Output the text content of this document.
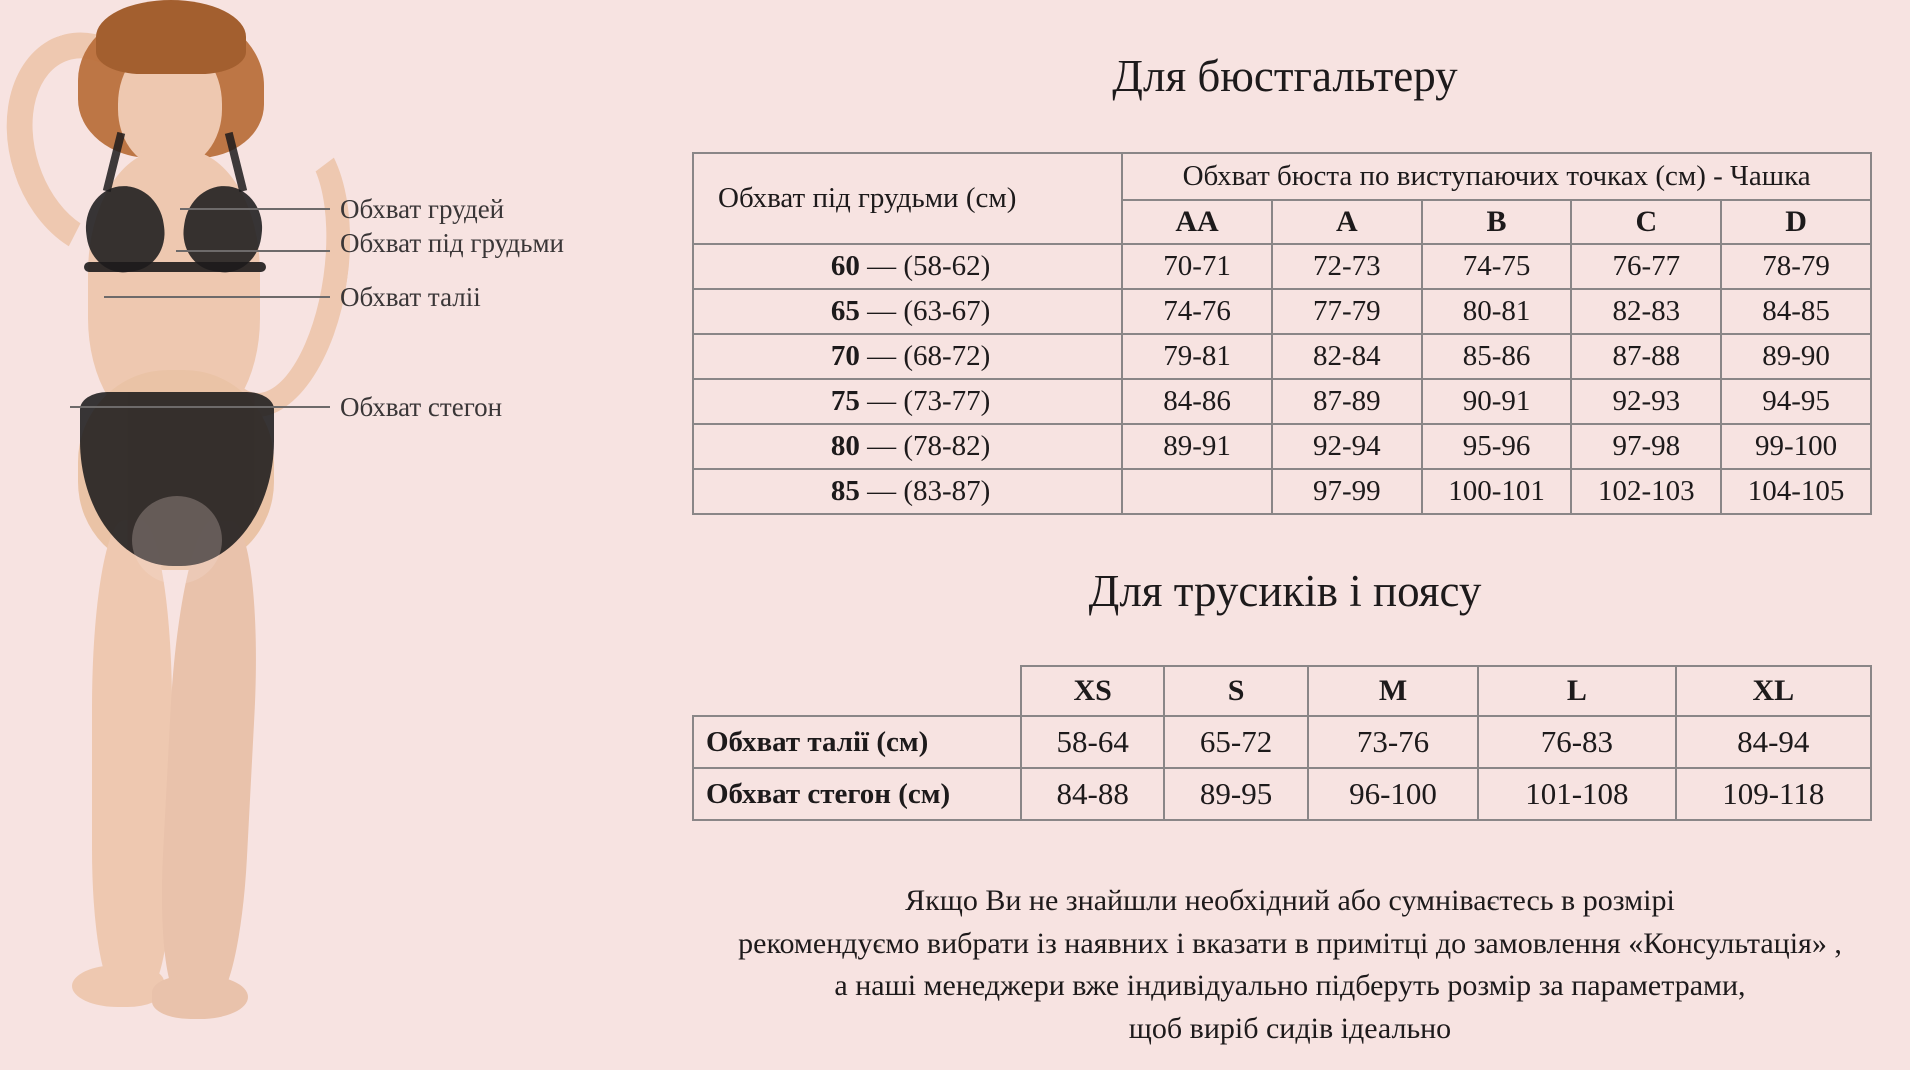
Обхват грудей
Обхват під грудьми
Обхват таліі
Обхват стегон
Для бюстгальтеру
Обхват під грудьми (см)	Обхват бюста по виступаючих точках (см) - Чашка				
	AA	A	B	C	D
60 — (58-62)	70-71	72-73	74-75	76-77	78-79
65 — (63-67)	74-76	77-79	80-81	82-83	84-85
70 — (68-72)	79-81	82-84	85-86	87-88	89-90
75 — (73-77)	84-86	87-89	90-91	92-93	94-95
80 — (78-82)	89-91	92-94	95-96	97-98	99-100
85 — (83-87)		97-99	100-101	102-103	104-105
Для трусиків і поясу
	XS	S	M	L	XL
Обхват талії (см)	58-64	65-72	73-76	76-83	84-94
Обхват стегон (см)	84-88	89-95	96-100	101-108	109-118
Якщо Ви не знайшли необхідний або сумніваєтесь в розмірі
рекомендуємо вибрати із наявних і вказати в примітці до замовлення «Консультація» ,
а наші менеджери вже індивідуально підберуть розмір за параметрами,
щоб виріб сидів ідеально
